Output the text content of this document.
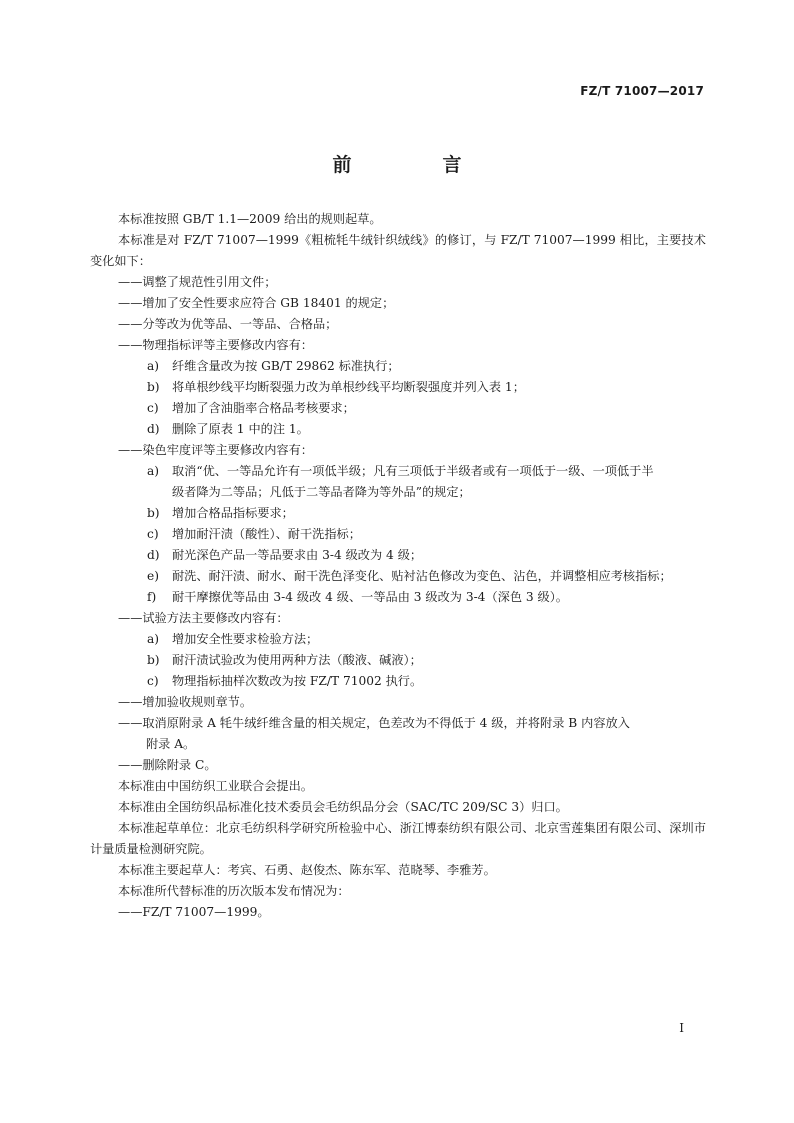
FZ/T 71007—2017
前　言
本标准按照 GB/T 1.1—2009 给出的规则起草。
本标准是对 FZ/T 71007—1999《粗梳牦牛绒针织绒线》的修订，与 FZ/T 71007—1999 相比，主要技术变化如下：
——调整了规范性引用文件；
——增加了安全性要求应符合 GB 18401 的规定；
——分等改为优等品、一等品、合格品；
——物理指标评等主要修改内容有：
a) 纤维含量改为按 GB/T 29862 标准执行；
b) 将单根纱线平均断裂强力改为单根纱线平均断裂强度并列入表 1；
c) 增加了含油脂率合格品考核要求；
d) 删除了原表 1 中的注 1。
——染色牢度评等主要修改内容有：
a) 取消“优、一等品允许有一项低半级；凡有三项低于半级者或有一项低于一级、一项低于半
级者降为二等品；凡低于二等品者降为等外品”的规定；
b) 增加合格品指标要求；
c) 增加耐汗渍（酸性）、耐干洗指标；
d) 耐光深色产品一等品要求由 3-4 级改为 4 级；
e) 耐洗、耐汗渍、耐水、耐干洗色泽变化、贴衬沾色修改为变色、沾色，并调整相应考核指标；
f) 耐干摩擦优等品由 3-4 级改 4 级、一等品由 3 级改为 3-4（深色 3 级）。
——试验方法主要修改内容有：
a) 增加安全性要求检验方法；
b) 耐汗渍试验改为使用两种方法（酸液、碱液）；
c) 物理指标抽样次数改为按 FZ/T 71002 执行。
——增加验收规则章节。
——取消原附录 A 牦牛绒纤维含量的相关规定，色差改为不得低于 4 级，并将附录 B 内容放入
附录 A。
——删除附录 C。
本标准由中国纺织工业联合会提出。
本标准由全国纺织品标准化技术委员会毛纺织品分会（SAC/TC 209/SC 3）归口。
本标准起草单位：北京毛纺织科学研究所检验中心、浙江博泰纺织有限公司、北京雪莲集团有限公司、深圳市计量质量检测研究院。
本标准主要起草人：考宾、石勇、赵俊杰、陈东军、范晓琴、李雅芳。
本标准所代替标准的历次版本发布情况为：
——FZ/T 71007—1999。
I
